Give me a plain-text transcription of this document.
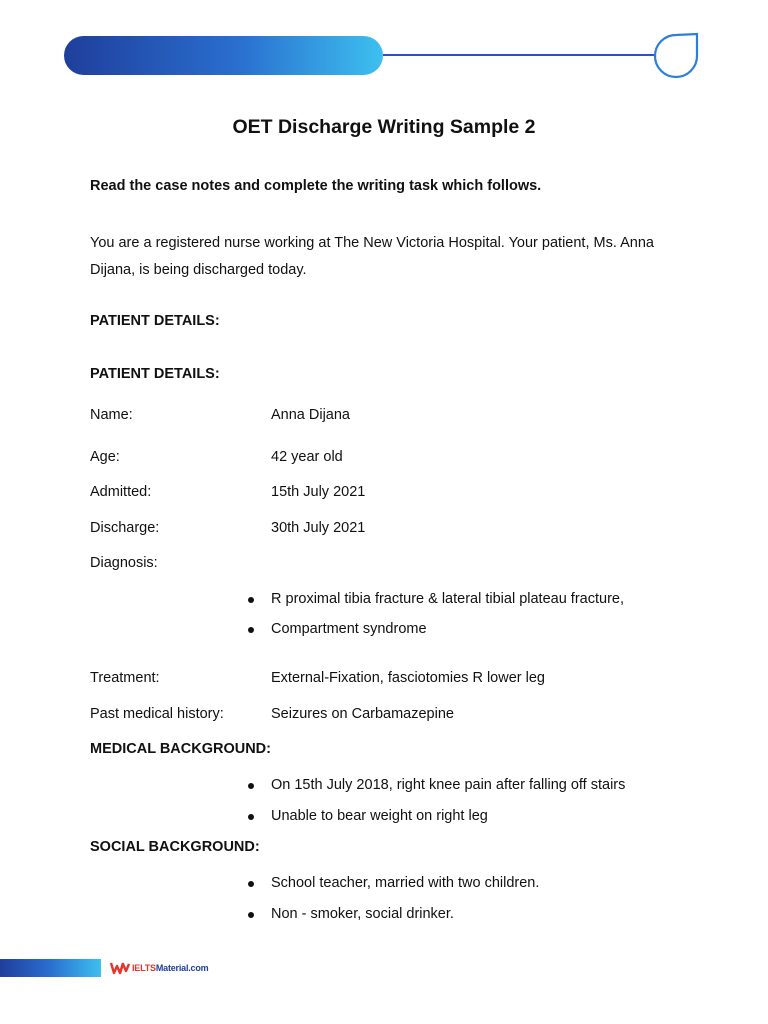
OET Discharge Writing Sample 2
Read the case notes and complete the writing task which follows.
You are a registered nurse working at The New Victoria Hospital. Your patient, Ms. Anna Dijana, is being discharged today.
PATIENT DETAILS:
PATIENT DETAILS:
Name:	Anna Dijana
Age:	42 year old
Admitted:	15th July 2021
Discharge:	30th July 2021
Diagnosis:
R proximal tibia fracture & lateral tibial plateau fracture,
Compartment syndrome
Treatment:	External-Fixation, fasciotomies R lower leg
Past medical history:	Seizures on Carbamazepine
MEDICAL BACKGROUND:
On 15th July 2018, right knee pain after falling off stairs
Unable to bear weight on right leg
SOCIAL BACKGROUND:
School teacher, married with two children.
Non - smoker, social drinker.
IELTSMaterial.com
